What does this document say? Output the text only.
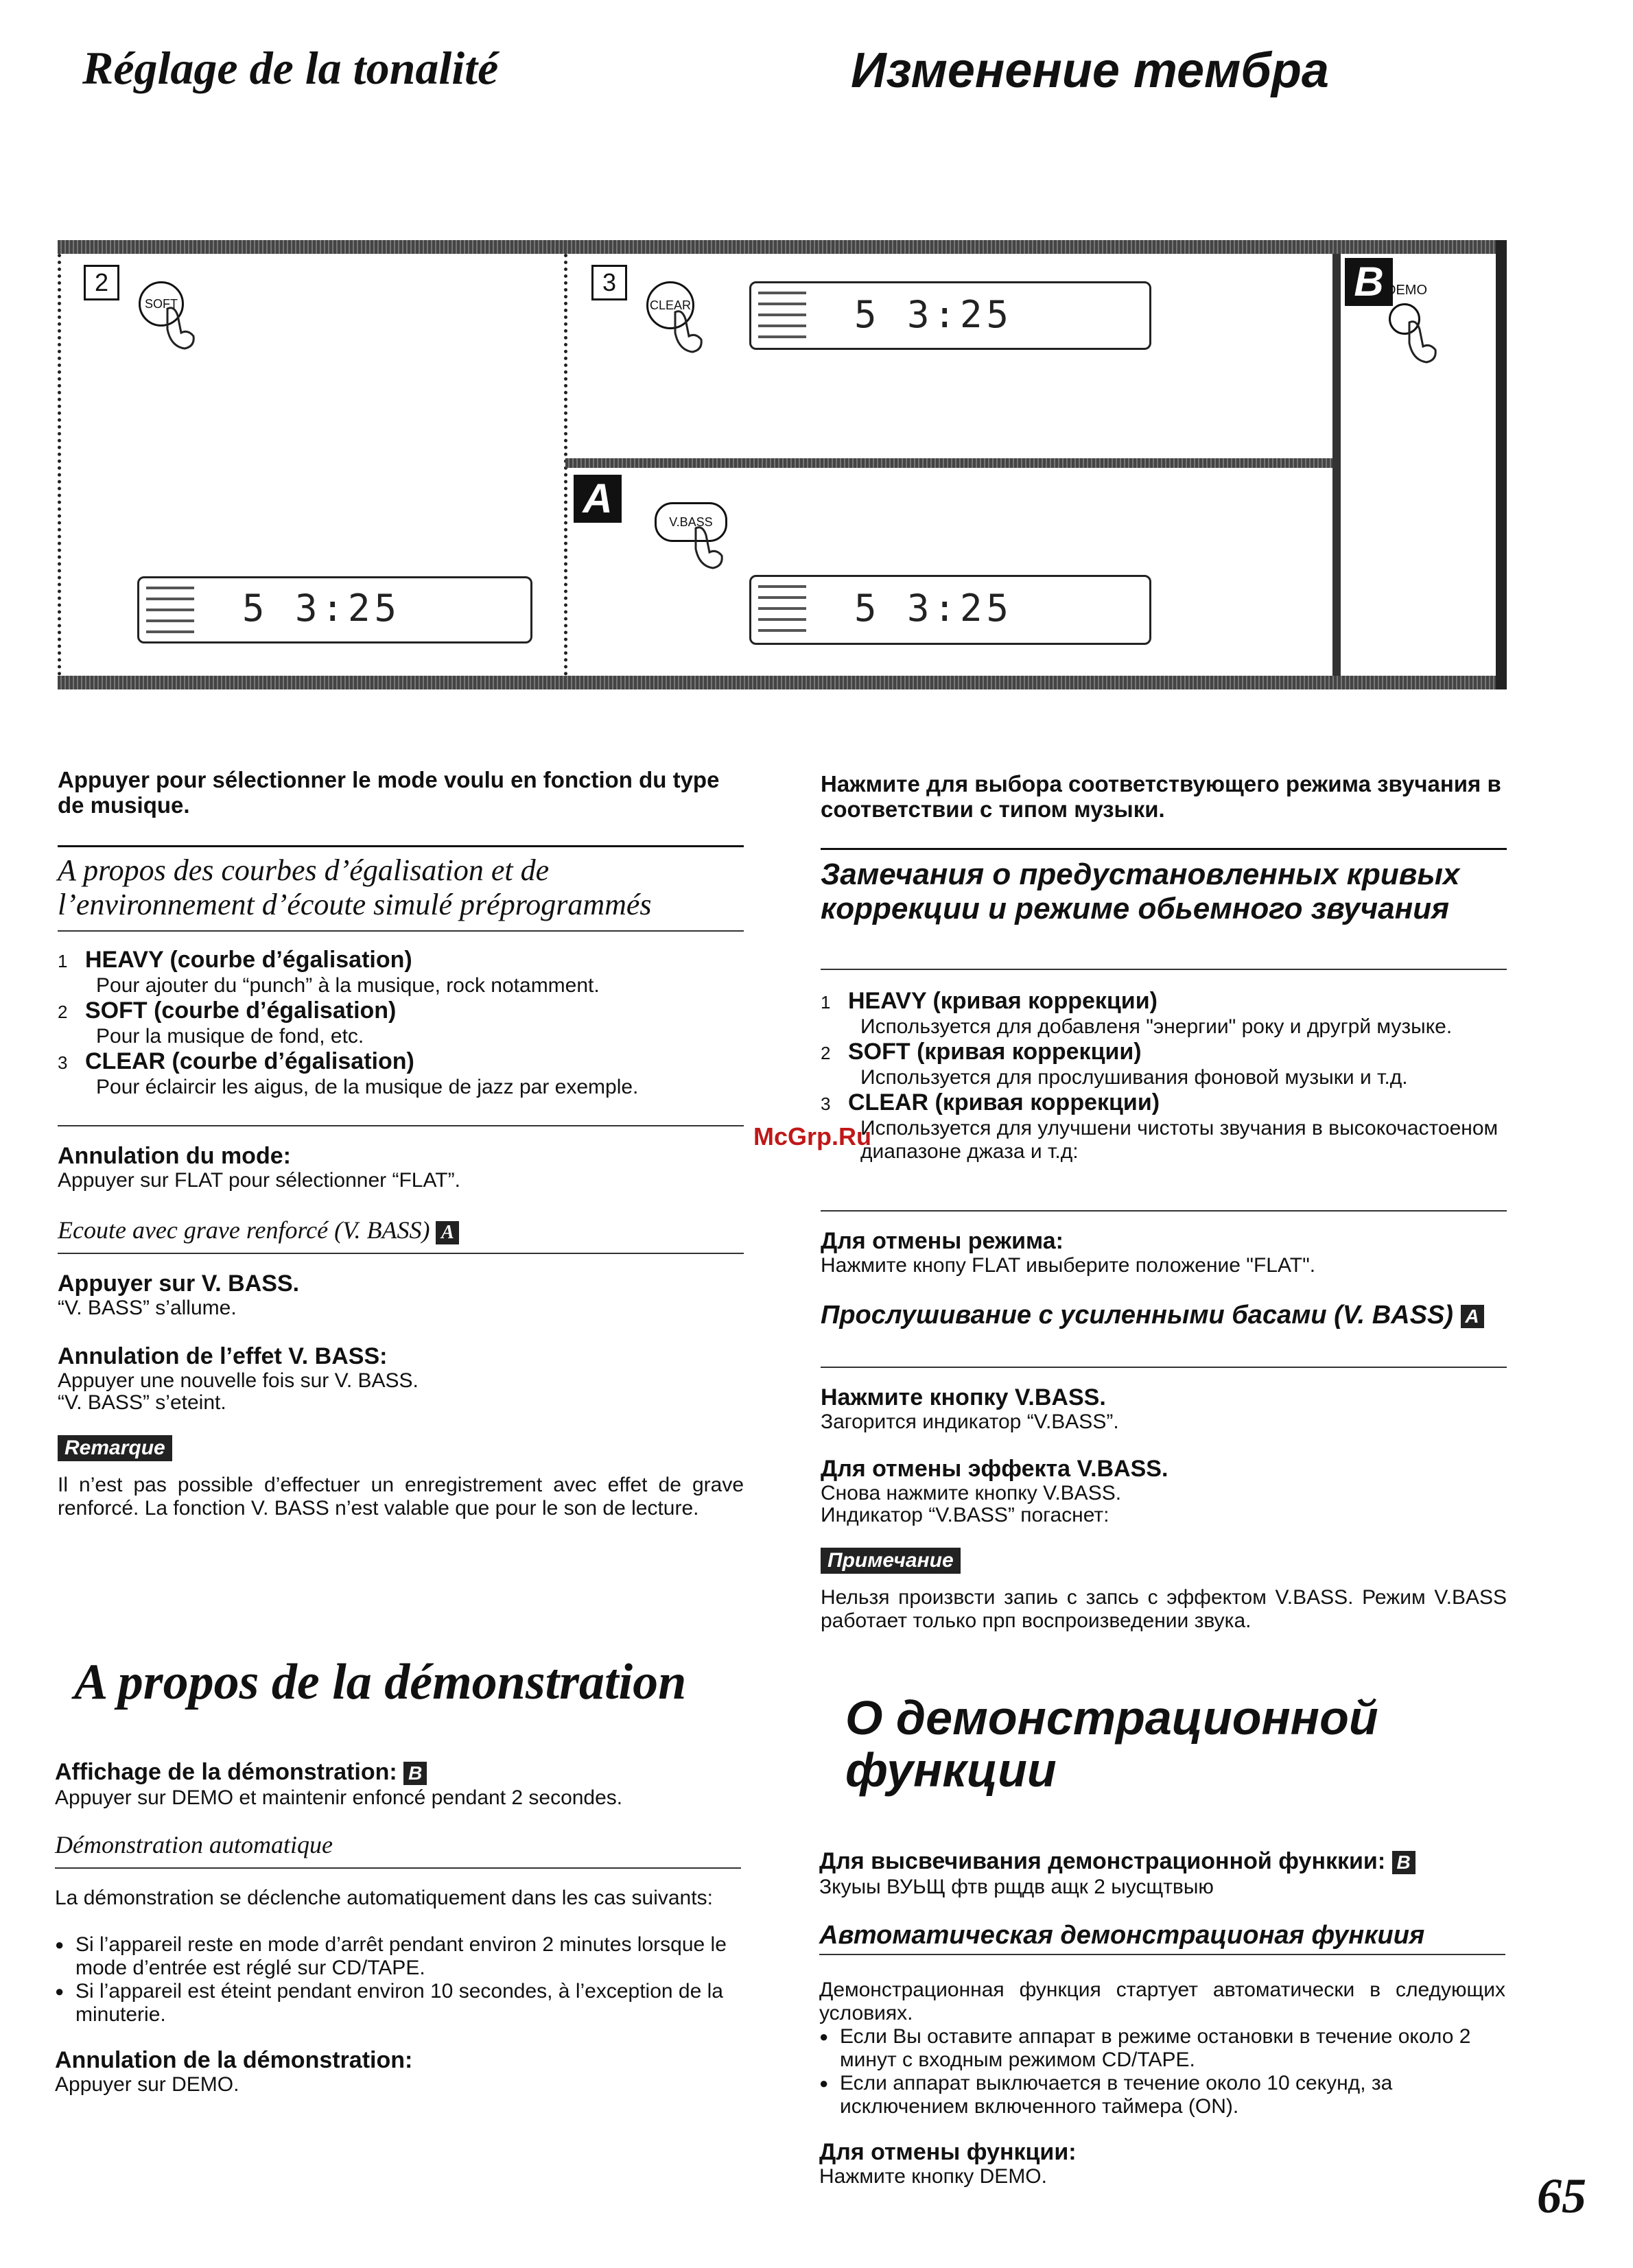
Réglage de la tonalité	Изменение тембра
2
SOFT
5 3:25
3
CLEAR	5 3:25
A
V.BASS
5 3:25
B DEMO
Appuyer pour sélectionner le mode voulu en fonction du type de musique.
A propos des courbes d’égalisation et de l’environnement d’écoute simulé préprogrammés
1 HEAVY (courbe d’égalisation)
Pour ajouter du “punch” à la musique, rock notamment.
2 SOFT (courbe d’égalisation)
Pour la musique de fond, etc.
3 CLEAR (courbe d’égalisation)
Pour éclaircir les aigus, de la musique de jazz par exemple.
Annulation du mode:
Appuyer sur FLAT pour sélectionner “FLAT”.
Ecoute avec grave renforcé (V. BASS) A
Appuyer sur V. BASS.
“V. BASS” s’allume.
Annulation de l’effet V. BASS:
Appuyer une nouvelle fois sur V. BASS.
“V. BASS” s’eteint.
Remarque
Il n’est pas possible d’effectuer un enregistrement avec effet de grave renforcé. La fonction V. BASS n’est valable que pour le son de lecture.
A propos de la démonstration
Affichage de la démonstration: B
Appuyer sur DEMO et maintenir enfoncé pendant 2 secondes.
Démonstration automatique
La démonstration se déclenche automatiquement dans les cas suivants:
● Si l’appareil reste en mode d’arrêt pendant environ 2 minutes lorsque le mode d’entrée est réglé sur CD/TAPE.
● Si l’appareil est éteint pendant environ 10 secondes, à l’exception de la minuterie.
Annulation de la démonstration:
Appuyer sur DEMO.
Нажмите для выбора соответствующего режима звучания в соответствии с типом музыки.
Замечания о предустановленных кривых коррекции и режиме обьемного звучания
1 HEAVY (кривая коррекции)
Используется для добавленя "энергии" року и другрй музыке.
2 SOFT (кривая коррекции)
Используется для прослушивания фоновой музыки и т.д.
3 CLEAR (кривая коррекции)
Используется для улучшени чистоты звучания в высокочастоеном диапазоне джаза и т.д:
McGrp.Ru
Для отмены режима:
Нажмите кнопу FLAT ивыберите положение "FLAT".
Прослушивание с усиленными басами (V. BASS) A
Нажмите кнопку V.BASS.
Загорится индикатор “V.BASS”.
Для отмены эффекта V.BASS.
Снова нажмите кнопку V.BASS.
Индикатор “V.BASS” погаснет:
Примечание
Нельзя произвсти запиь с запсь с эффектом V.BASS. Режим V.BASS работает только прп воспроизведении звука.
О демонстрационной функции
Для высвечивания демонстрационной функкии: B
Зкуыы ВУЬЩ фтв рщдв ащк 2 ыусщтвыю
Автоматическая демонстрационая функиия
Демонстрационная функция стартует автоматически в следующих условиях.
● Если Вы оставите аппарат в режиме остановки в течение около 2 минут с входным режимом CD/TAPE.
● Если аппарат выключается в течение около 10 секунд, за исключением включенного таймера (ON).
Для отмены функции:
Нажмите кнопку DEMO.	65
